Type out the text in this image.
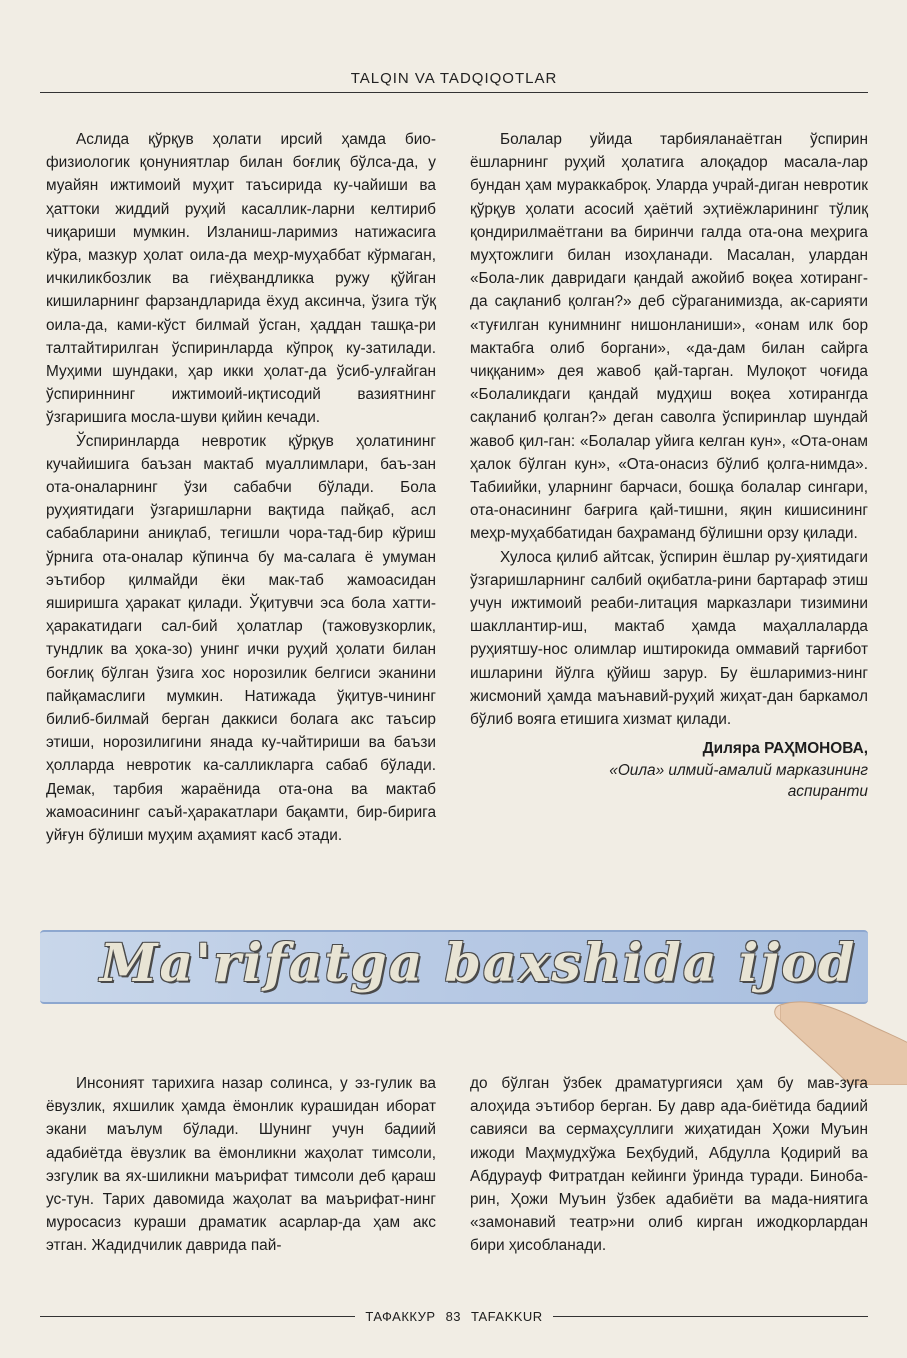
TALQIN VA TADQIQOTLAR

Аслида қўрқув ҳолати ирсий ҳамда био-физиологик қонуниятлар билан боғлиқ бўлса-да, у муайян ижтимоий муҳит таъсирида ку-чайиши ва ҳаттоки жиддий руҳий касаллик-ларни келтириб чиқариши мумкин. Изланиш-ларимиз натижасига кўра, мазкур ҳолат оила-да меҳр-муҳаббат кўрмаган, ичкиликбозлик ва гиёҳвандликка ружу қўйган кишиларнинг фарзандларида ёхуд аксинча, ўзига тўқ оила-да, ками-кўст билмай ўсган, ҳаддан ташқа-ри талтайтирилган ўспиринларда кўпроқ ку-затилади. Муҳими шундаки, ҳар икки ҳолат-да ўсиб-улғайган ўспириннинг ижтимоий-иқтисодий вазиятнинг ўзгаришига мосла-шуви қийин кечади.

Ўспиринларда невротик қўрқув ҳолатининг кучайишига баъзан мактаб муаллимлари, баъ-зан ота-оналарнинг ўзи сабабчи бўлади. Бола руҳиятидаги ўзгаришларни вақтида пайқаб, асл сабабларини аниқлаб, тегишли чора-тад-бир кўриш ўрнига ота-оналар кўпинча бу ма-салага ё умуман эътибор қилмайди ёки мак-таб жамоасидан яширишга ҳаракат қилади. Ўқитувчи эса бола хатти-ҳаракатидаги сал-бий ҳолатлар (тажовузкорлик, тундлик ва ҳока-зо) унинг ички руҳий ҳолати билан боғлиқ бўлган ўзига хос норозилик белгиси эканини пайқамаслиги мумкин. Натижада ўқитув-чининг билиб-билмай берган даккиси болага акс таъсир этиши, норозилигини янада ку-чайтириши ва баъзи ҳолларда невротик ка-салликларга сабаб бўлади. Демак, тарбия жараёнида ота-она ва мактаб жамоасининг саъй-ҳаракатлари бақамти, бир-бирига уйғун бўлиши муҳим аҳамият касб этади.

Болалар уйида тарбияланаётган ўспирин ёшларнинг руҳий ҳолатига алоқадор масала-лар бундан ҳам мураккаброқ. Уларда учрай-диган невротик қўрқув ҳолати асосий ҳаётий эҳтиёжларининг тўлиқ қондирилмаётгани ва биринчи галда ота-она меҳрига муҳтожлиги билан изоҳланади. Масалан, улардан «Бола-лик давридаги қандай ажойиб воқеа хотиранг-да сақланиб қолган?» деб сўраганимизда, ак-сарияти «туғилган кунимнинг нишонланиши», «онам илк бор мактабга олиб боргани», «да-дам билан сайрга чиққаним» дея жавоб қай-тарган. Мулоқот чоғида «Болаликдаги қандай мудҳиш воқеа хотирангда сақланиб қолган?» деган саволга ўспиринлар шундай жавоб қил-ган: «Болалар уйига келган кун», «Ота-онам ҳалок бўлган кун», «Ота-онасиз бўлиб қолга-нимда». Табиийки, уларнинг барчаси, бошқа болалар сингари, ота-онасининг бағрига қай-тишни, яқин кишисининг меҳр-муҳаббатидан баҳраманд бўлишни орзу қилади.

Хулоса қилиб айтсак, ўспирин ёшлар ру-ҳиятидаги ўзгаришларнинг салбий оқибатла-рини бартараф этиш учун ижтимоий реаби-литация марказлари тизимини шакллантир-иш, мактаб ҳамда маҳаллаларда руҳиятшу-нос олимлар иштирокида оммавий тарғибот ишларини йўлга қўйиш зарур. Бу ёшларимиз-нинг жисмоний ҳамда маънавий-руҳий жиҳат-дан баркамол бўлиб вояга етишига хизмат қилади.

Диляра РАҲМОНОВА,
«Оила» илмий-амалий марказининг
аспиранти
Ma'rifatga baxshida ijod

Инсоният тарихига назар солинса, у эз-гулик ва ёвузлик, яхшилик ҳамда ёмонлик курашидан иборат экани маълум бўлади. Шунинг учун бадиий адабиётда ёвузлик ва ёмонликни жаҳолат тимсоли, эзгулик ва ях-шиликни маърифат тимсоли деб қараш ус-тун. Тарих давомида жаҳолат ва маърифат-нинг муросасиз кураши драматик асарлар-да ҳам акс этган. Жадидчилик даврида пай-

до бўлган ўзбек драматургияси ҳам бу мав-зуга алоҳида эътибор берган. Бу давр ада-биётида бадиий савияси ва сермаҳсуллиги жиҳатидан Ҳожи Муъин ижоди Маҳмудхўжа Беҳбудий, Абдулла Қодирий ва Абдурауф Фитратдан кейинги ўринда туради. Бинобa-рин, Ҳожи Муъин ўзбек адабиёти ва мада-ниятига «замонавий театр»ни олиб кирган ижодкорлардан бири ҳисобланади.

ТАФАККУР 83 TAFAKKUR
